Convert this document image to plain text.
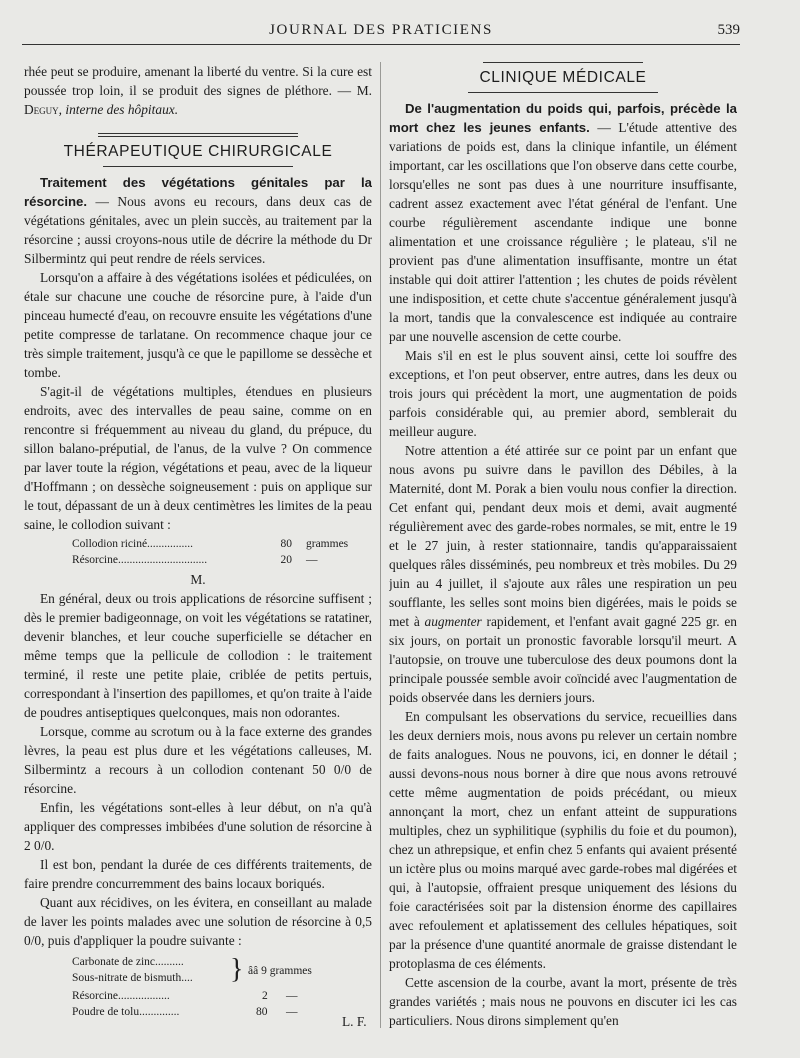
JOURNAL DES PRATICIENS	539

rhée peut se produire, amenant la liberté du ventre. Si la cure est poussée trop loin, il se produit des signes de pléthore. — M. Deguy, interne des hôpitaux.

THÉRAPEUTIQUE CHIRURGICALE

Traitement des végétations génitales par la résorcine. — Nous avons eu recours, dans deux cas de végétations génitales, avec un plein succès, au traitement par la résorcine ; aussi croyons-nous utile de décrire la méthode du Dr Silbermintz qui peut rendre de réels services.

Lorsqu'on a affaire à des végétations isolées et pédiculées, on étale sur chacune une couche de résorcine pure, à l'aide d'un pinceau humecté d'eau, on recouvre ensuite les végétations d'une petite compresse de tarlatane. On recommence chaque jour ce très simple traitement, jusqu'à ce que le papillome se dessèche et tombe.

S'agit-il de végétations multiples, étendues en plusieurs endroits, avec des intervalles de peau saine, comme on en rencontre si fréquemment au niveau du gland, du prépuce, du sillon balano-préputial, de l'anus, de la vulve ? On commence par laver toute la région, végétations et peau, avec de la liqueur d'Hoffmann ; on dessèche soigneusement : puis on applique sur le tout, dépassant de un à deux centimètres les limites de la peau saine, le collodion suivant :

Collodion riciné................	80 grammes
Résorcine...............................	20 —
M.

En général, deux ou trois applications de résorcine suffisent ; dès le premier badigeonnage, on voit les végétations se ratatiner, devenir blanches, et leur couche superficielle se détacher en même temps que la pellicule de collodion : le traitement terminé, il reste une petite plaie, criblée de petits pertuis, correspondant à l'insertion des papillomes, et qu'on traite à l'aide de poudres antiseptiques quelconques, mais non odorantes.

Lorsque, comme au scrotum ou à la face externe des grandes lèvres, la peau est plus dure et les végétations calleuses, M. Silbermintz a recours à un collodion contenant 50 0/0 de résorcine.

Enfin, les végétations sont-elles à leur début, on n'a qu'à appliquer des compresses imbibées d'une solution de résorcine à 2 0/0.

Il est bon, pendant la durée de ces différents traitements, de faire prendre concurremment des bains locaux boriqués.

Quant aux récidives, on les évitera, en conseillant au malade de laver les points malades avec une solution de résorcine à 0,5 0/0, puis d'appliquer la poudre suivante :

Carbonate de zinc..........
Sous-nitrate de bismuth.... } ââ 9 grammes
Résorcine..................	2 —
Poudre de tolu..............	80 —
L. F.
CLINIQUE MÉDICALE

De l'augmentation du poids qui, parfois, précède la mort chez les jeunes enfants. — L'étude attentive des variations de poids est, dans la clinique infantile, un élément important, car les oscillations que l'on observe dans cette courbe, lorsqu'elles ne sont pas dues à une nourriture insuffisante, cadrent assez exactement avec l'état général de l'enfant. Une courbe régulièrement ascendante indique une bonne alimentation et une croissance régulière ; le plateau, s'il ne provient pas d'une alimentation insuffisante, montre un état instable qui doit attirer l'attention ; les chutes de poids révèlent une indisposition, et cette chute s'accentue généralement jusqu'à la mort, tandis que la convalescence est indiquée au contraire par une nouvelle ascension de cette courbe.

Mais s'il en est le plus souvent ainsi, cette loi souffre des exceptions, et l'on peut observer, entre autres, dans les deux ou trois jours qui précèdent la mort, une augmentation de poids parfois considérable qui, au premier abord, semblerait du meilleur augure.

Notre attention a été attirée sur ce point par un enfant que nous avons pu suivre dans le pavillon des Débiles, à la Maternité, dont M. Porak a bien voulu nous confier la direction. Cet enfant qui, pendant deux mois et demi, avait augmenté régulièrement avec des garde-robes normales, se mit, entre le 19 et le 27 juin, à rester stationnaire, tandis qu'apparaissaient quelques râles disséminés, peu nombreux et très mobiles. Du 29 juin au 4 juillet, il s'ajoute aux râles une respiration un peu soufflante, les selles sont moins bien digérées, mais le poids se met à augmenter rapidement, et l'enfant avait gagné 225 gr. en six jours, on portait un pronostic favorable lorsqu'il meurt. A l'autopsie, on trouve une tuberculose des deux poumons dont la principale poussée semble avoir coïncidé avec l'augmentation de poids observée dans les derniers jours.

En compulsant les observations du service, recueillies dans les deux derniers mois, nous avons pu relever un certain nombre de faits analogues. Nous ne pouvons, ici, en donner le détail ; aussi devons-nous nous borner à dire que nous avons retrouvé cette même augmentation de poids précédant, ou mieux annonçant la mort, chez un enfant atteint de suppurations multiples, chez un syphilitique (syphilis du foie et du poumon), chez un athrepsique, et enfin chez 5 enfants qui avaient présenté un ictère plus ou moins marqué avec garde-robes mal digérées et qui, à l'autopsie, offraient presque uniquement des lésions du foie caractérisées soit par la distension énorme des capillaires avec refoulement et aplatissement des cellules hépatiques, soit par la présence d'une quantité anormale de graisse distendant le protoplasma de ces éléments.

Cette ascension de la courbe, avant la mort, présente de très grandes variétés ; mais nous ne pouvons en discuter ici les cas particuliers. Nous dirons simplement qu'en
